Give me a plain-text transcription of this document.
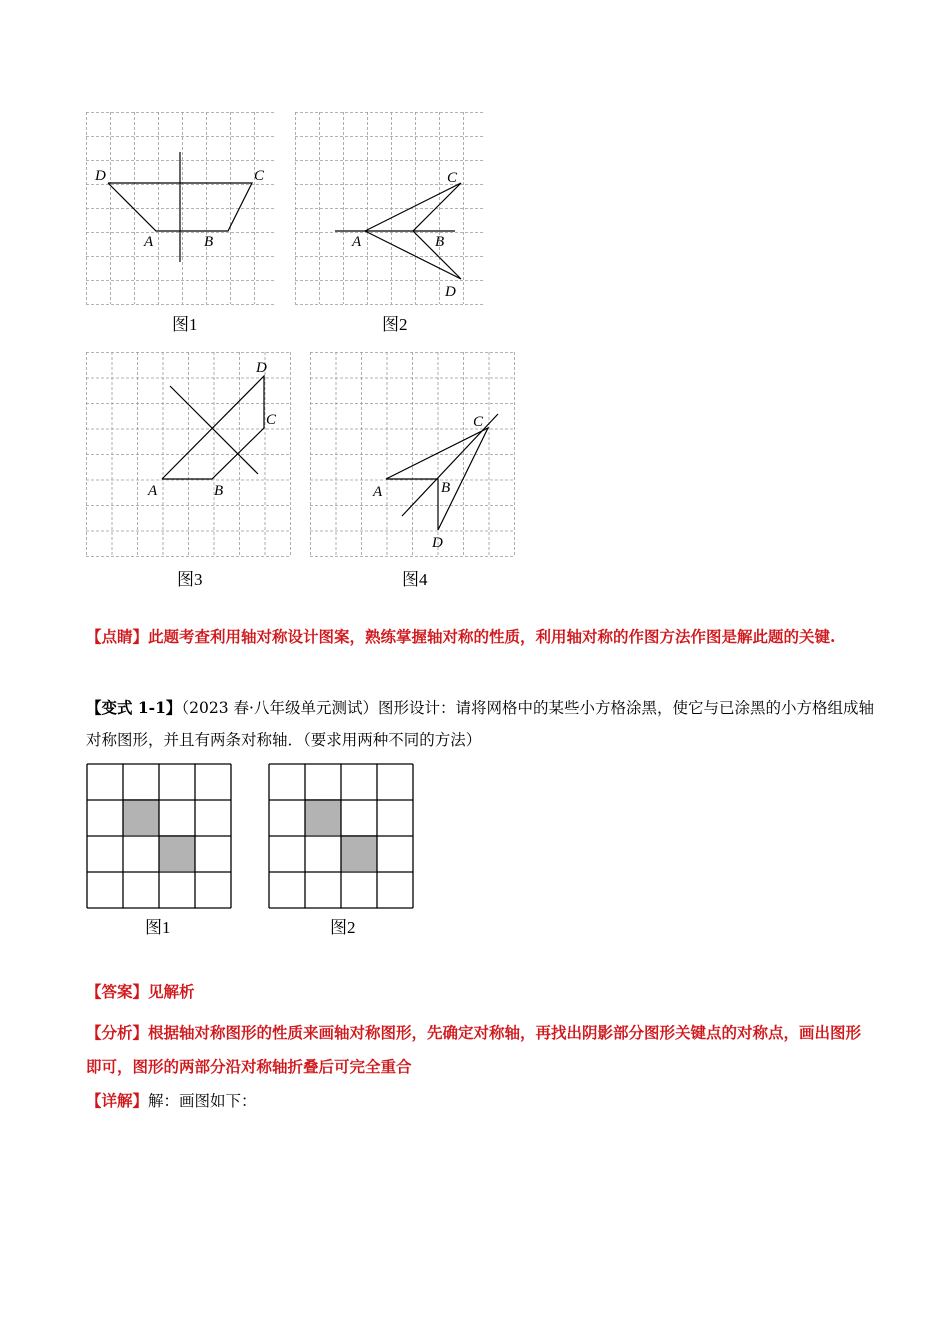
D	C
A	B
图1
C
A	B
D
图2
D
C
A	B
图3
C
A	B
D
图4
【点睛】此题考查利用轴对称设计图案，熟练掌握轴对称的性质，利用轴对称的作图方法作图是解此题的关键.
【变式 1-1】（2023 春·八年级单元测试）图形设计：请将网格中的某些小方格涂黑，使它与已涂黑的小方格组成轴对称图形，并且有两条对称轴．（要求用两种不同的方法）
图1	图2
【答案】见解析
【分析】根据轴对称图形的性质来画轴对称图形，先确定对称轴，再找出阴影部分图形关键点的对称点，画出图形即可，图形的两部分沿对称轴折叠后可完全重合
【详解】解：画图如下：
